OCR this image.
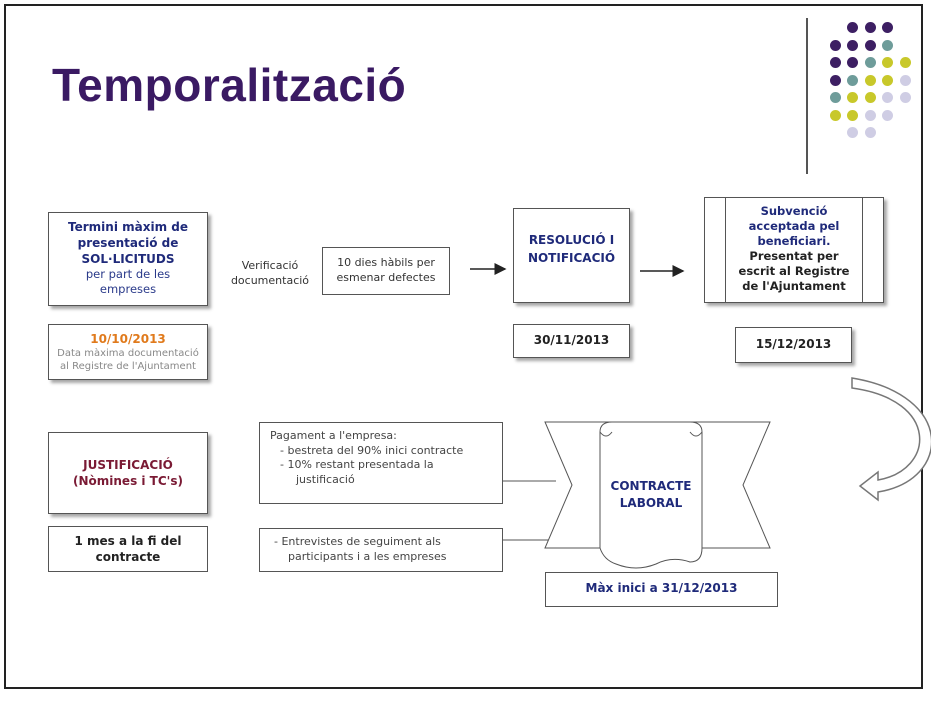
Temporalització
Termini màxim de
presentació de
SOL·LICITUDS
per part de les
empreses
10/10/2013
Data màxima documentació
al Registre de l'Ajuntament
Verificació
documentació
10 dies hàbils per
esmenar defectes
RESOLUCIÓ I
NOTIFICACIÓ
30/11/2013
Subvenció
acceptada pel
beneficiari.
Presentat per
escrit al Registre
de l'Ajuntament
15/12/2013
JUSTIFICACIÓ
(Nòmines i TC's)
1 mes a la fi del
contracte
Pagament a l'empresa:
- bestreta del 90% inici contracte
- 10% restant presentada la
justificació
- Entrevistes de seguiment als
participants i a les empreses
Màx inici a 31/12/2013
CONTRACTE
LABORAL
